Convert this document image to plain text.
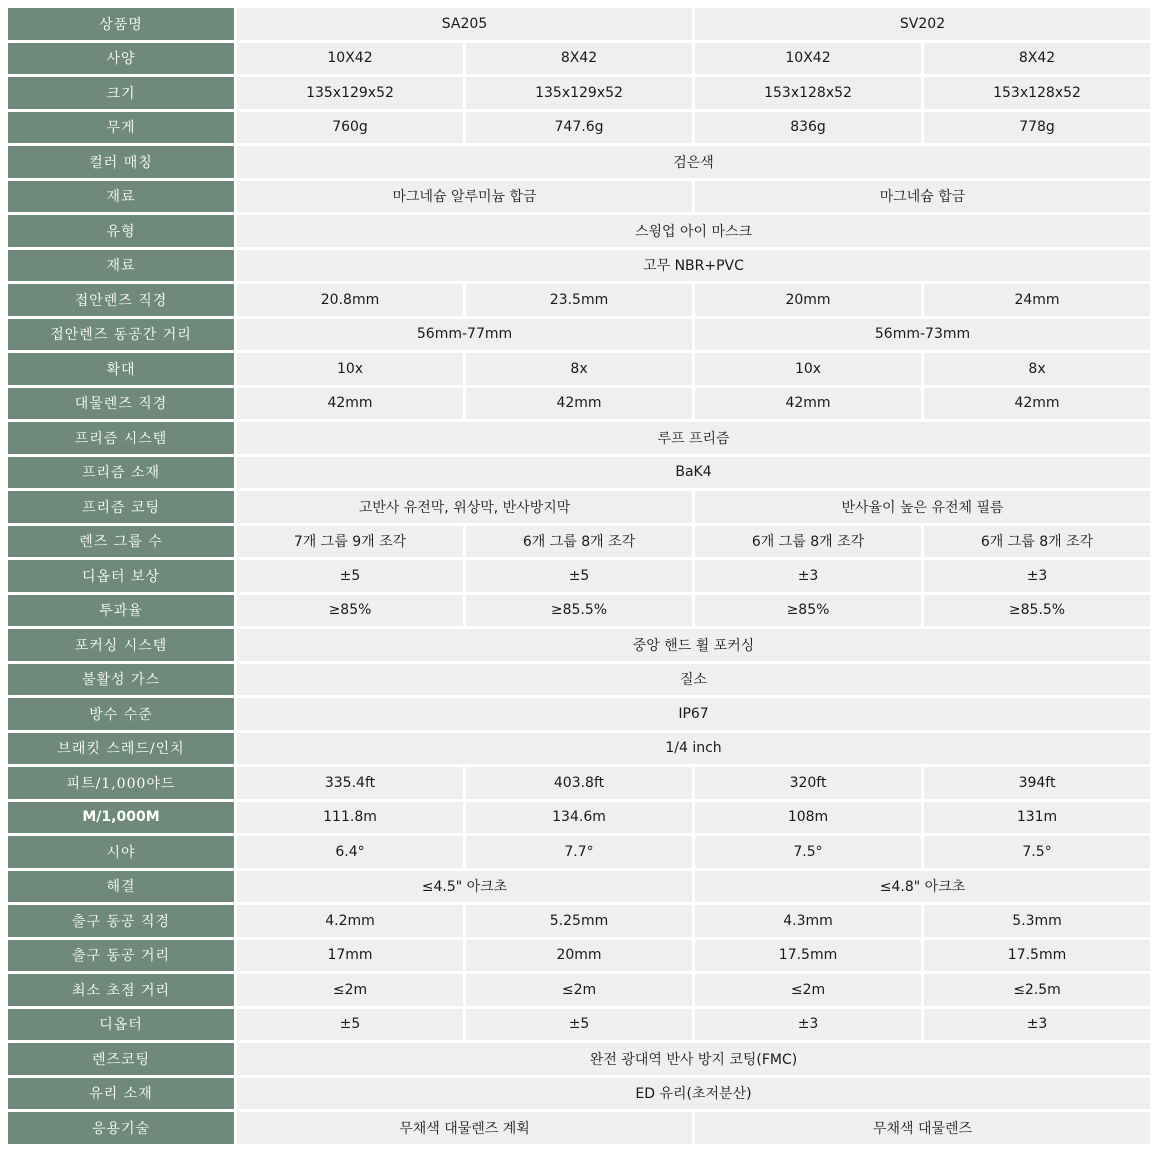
상품명	SA205		SV202	
사양	10X42	8X42	10X42	8X42
크기	135x129x52	135x129x52	153x128x52	153x128x52
무게	760g	747.6g	836g	778g
컬러 매칭	검은색			
재료	마그네슘 알루미늄 합금		마그네슘 합금	
유형	스윙업 아이 마스크			
재료	고무 NBR+PVC			
접안렌즈 직경	20.8mm	23.5mm	20mm	24mm
접안렌즈 동공간 거리	56mm-77mm		56mm-73mm	
확대	10x	8x	10x	8x
대물렌즈 직경	42mm	42mm	42mm	42mm
프리즘 시스템	루프 프리즘			
프리즘 소재	BaK4			
프리즘 코팅	고반사 유전막, 위상막, 반사방지막		반사율이 높은 유전체 필름	
렌즈 그룹 수	7개 그룹 9개 조각	6개 그룹 8개 조각	6개 그룹 8개 조각	6개 그룹 8개 조각
디옵터 보상	±5	±5	±3	±3
투과율	≥85%	≥85.5%	≥85%	≥85.5%
포커싱 시스템	중앙 핸드 휠 포커싱			
불활성 가스	질소			
방수 수준	IP67			
브래킷 스레드/인치	1/4 inch			
피트/1,000야드	335.4ft	403.8ft	320ft	394ft
M/1,000M	111.8m	134.6m	108m	131m
시야	6.4°	7.7°	7.5°	7.5°
해결	≤4.5" 아크초		≤4.8" 아크초	
출구 동공 직경	4.2mm	5.25mm	4.3mm	5.3mm
출구 동공 거리	17mm	20mm	17.5mm	17.5mm
최소 초점 거리	≤2m	≤2m	≤2m	≤2.5m
디옵터	±5	±5	±3	±3
렌즈코팅	완전 광대역 반사 방지 코팅(FMC)			
유리 소재	ED 유리(초저분산)			
응용기술	무채색 대물렌즈 계획		무채색 대물렌즈	
